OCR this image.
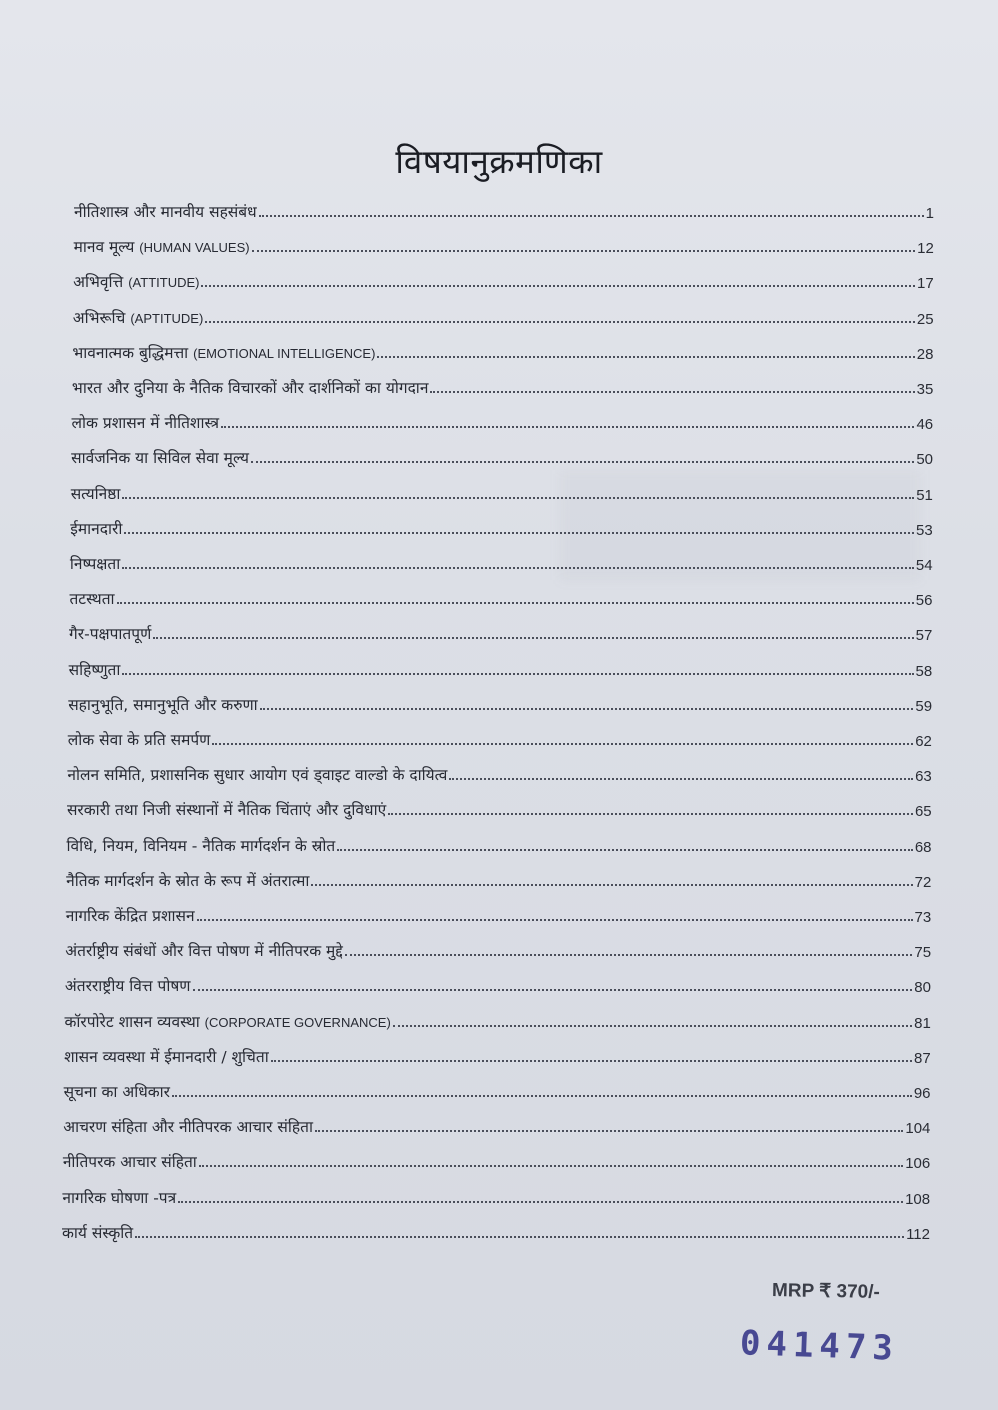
विषयानुक्रमणिका
नीतिशास्त्र और मानवीय सहसंबंध	1
मानव मूल्य (HUMAN VALUES)	12
अभिवृत्ति (ATTITUDE)	17
अभिरूचि (APTITUDE)	25
भावनात्मक बुद्धिमत्ता (EMOTIONAL INTELLIGENCE)	28
भारत और दुनिया के नैतिक विचारकों और दार्शनिकों का योगदान	35
लोक प्रशासन में नीतिशास्त्र	46
सार्वजनिक या सिविल सेवा मूल्य	50
सत्यनिष्ठा	51
ईमानदारी	53
निष्पक्षता	54
तटस्थता	56
गैर-पक्षपातपूर्ण	57
सहिष्णुता	58
सहानुभूति, समानुभूति और करुणा	59
लोक सेवा के प्रति समर्पण	62
नोलन समिति, प्रशासनिक सुधार आयोग एवं ड्वाइट वाल्डो के दायित्व	63
सरकारी तथा निजी संस्थानों में नैतिक चिंताएं और दुविधाएं	65
विधि, नियम, विनियम - नैतिक मार्गदर्शन के स्रोत	68
नैतिक मार्गदर्शन के स्रोत के रूप में अंतरात्मा	72
नागरिक केंद्रित प्रशासन	73
अंतर्राष्ट्रीय संबंधों और वित्त पोषण में नीतिपरक मुद्दे	75
अंतरराष्ट्रीय वित्त पोषण	80
कॉरपोरेट शासन व्यवस्था (CORPORATE GOVERNANCE)	81
शासन व्यवस्था में ईमानदारी / शुचिता	87
सूचना का अधिकार	96
आचरण संहिता और नीतिपरक आचार संहिता	104
नीतिपरक आचार संहिता	106
नागरिक घोषणा -पत्र	108
कार्य संस्कृति	112
MRP ₹ 370/-
041473
